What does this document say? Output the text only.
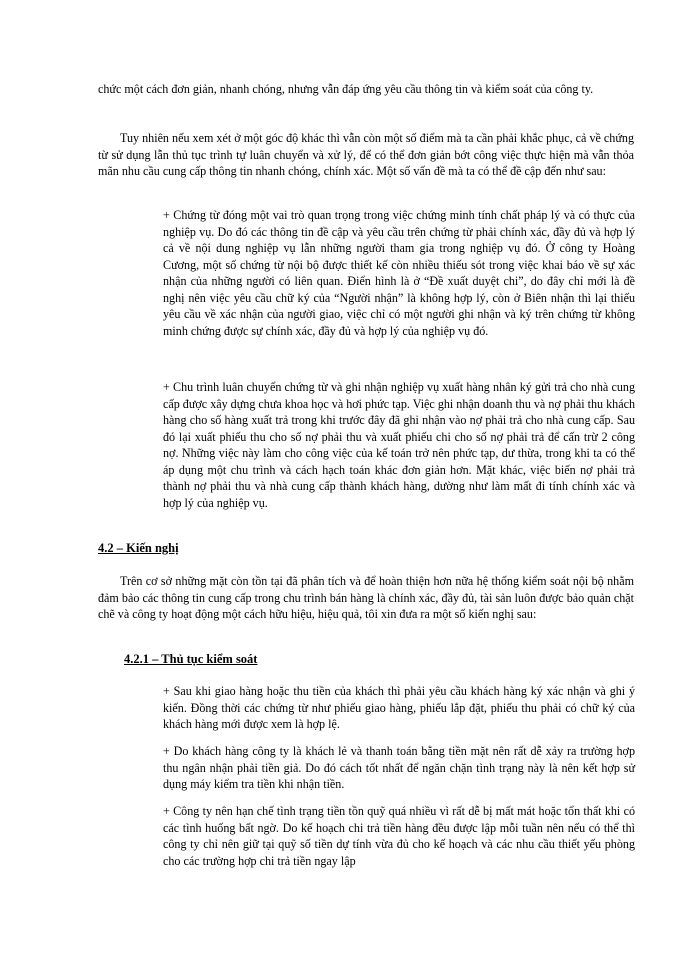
chức một cách đơn giản, nhanh chóng, nhưng vẫn đáp ứng yêu cầu thông tin và kiểm soát của công ty.

Tuy nhiên nếu xem xét ở một góc độ khác thì vẫn còn một số điểm mà ta cần phải khắc phục, cả về chứng từ sử dụng lẫn thủ tục trình tự luân chuyển và xử lý, để có thể đơn giản bớt công việc thực hiện mà vẫn thỏa mãn nhu cầu cung cấp thông tin nhanh chóng, chính xác. Một số vấn đề mà ta có thể đề cập đến như sau:

+ Chứng từ đóng một vai trò quan trọng trong việc chứng minh tính chất pháp lý và có thực của nghiệp vụ. Do đó các thông tin đề cập và yêu cầu trên chứng từ phải chính xác, đầy đủ và hợp lý cả về nội dung nghiệp vụ lẫn những người tham gia trong nghiệp vụ đó. Ở công ty Hoàng Cương, một số chứng từ nội bộ được thiết kế còn nhiều thiếu sót trong việc khai báo về sự xác nhận của những người có liên quan. Điển hình là ở “Đề xuất duyệt chi”, do đây chỉ mới là đề nghị nên việc yêu cầu chữ ký của “Người nhận” là không hợp lý, còn ở Biên nhận thì lại thiếu yêu cầu về xác nhận của người giao, việc chỉ có một người ghi nhận và ký trên chứng từ không minh chứng được sự chính xác, đầy đủ và hợp lý của nghiệp vụ đó.

+ Chu trình luân chuyển chứng từ và ghi nhận nghiệp vụ xuất hàng nhân ký gửi trả cho nhà cung cấp được xây dựng chưa khoa học và hơi phức tạp. Việc ghi nhận doanh thu và nợ phải thu khách hàng cho số hàng xuất trả trong khi trước đây đã ghi nhận vào nợ phải trả cho nhà cung cấp. Sau đó lại xuất phiếu thu cho số nợ phải thu và xuất phiếu chi cho số nợ phải trả để cấn trừ 2 công nợ. Những việc này làm cho công việc của kế toán trở nên phức tạp, dư thừa, trong khi ta có thể áp dụng một chu trình và cách hạch toán khác đơn giản hơn. Mặt khác, việc biến nợ phải trả thành nợ phải thu và nhà cung cấp thành khách hàng, dường như làm mất đi tính chính xác và hợp lý của nghiệp vụ.

4.2 – Kiến nghị

Trên cơ sở những mặt còn tồn tại đã phân tích và để hoàn thiện hơn nữa hệ thống kiểm soát nội bộ nhằm đảm bảo các thông tin cung cấp trong chu trình bán hàng là chính xác, đầy đủ, tài sản luôn được bảo quản chặt chẽ và công ty hoạt động một cách hữu hiệu, hiệu quả, tôi xin đưa ra một số kiến nghị sau:

4.2.1 – Thủ tục kiểm soát

+ Sau khi giao hàng hoặc thu tiền của khách thì phải yêu cầu khách hàng ký xác nhận và ghi ý kiến. Đồng thời các chứng từ như phiếu giao hàng, phiếu lắp đặt, phiếu thu phải có chữ ký của khách hàng mới được xem là hợp lệ.

+ Do khách hàng công ty là khách lẻ và thanh toán bằng tiền mặt nên rất dễ xảy ra trường hợp thu ngân nhận phải tiền giả. Do đó cách tốt nhất để ngăn chặn tình trạng này là nên kết hợp sử dụng máy kiểm tra tiền khi nhận tiền.

+ Công ty nên hạn chế tình trạng tiền tồn quỹ quá nhiều vì rất dễ bị mất mát hoặc tổn thất khi có các tình huống bất ngờ. Do kế hoạch chi trả tiền hàng đều được lập mỗi tuần nên nếu có thể thì công ty chỉ nên giữ tại quỹ số tiền dự tính vừa đủ cho kế hoạch và các nhu cầu thiết yếu phòng cho các trường hợp chi trả tiền ngay lập
